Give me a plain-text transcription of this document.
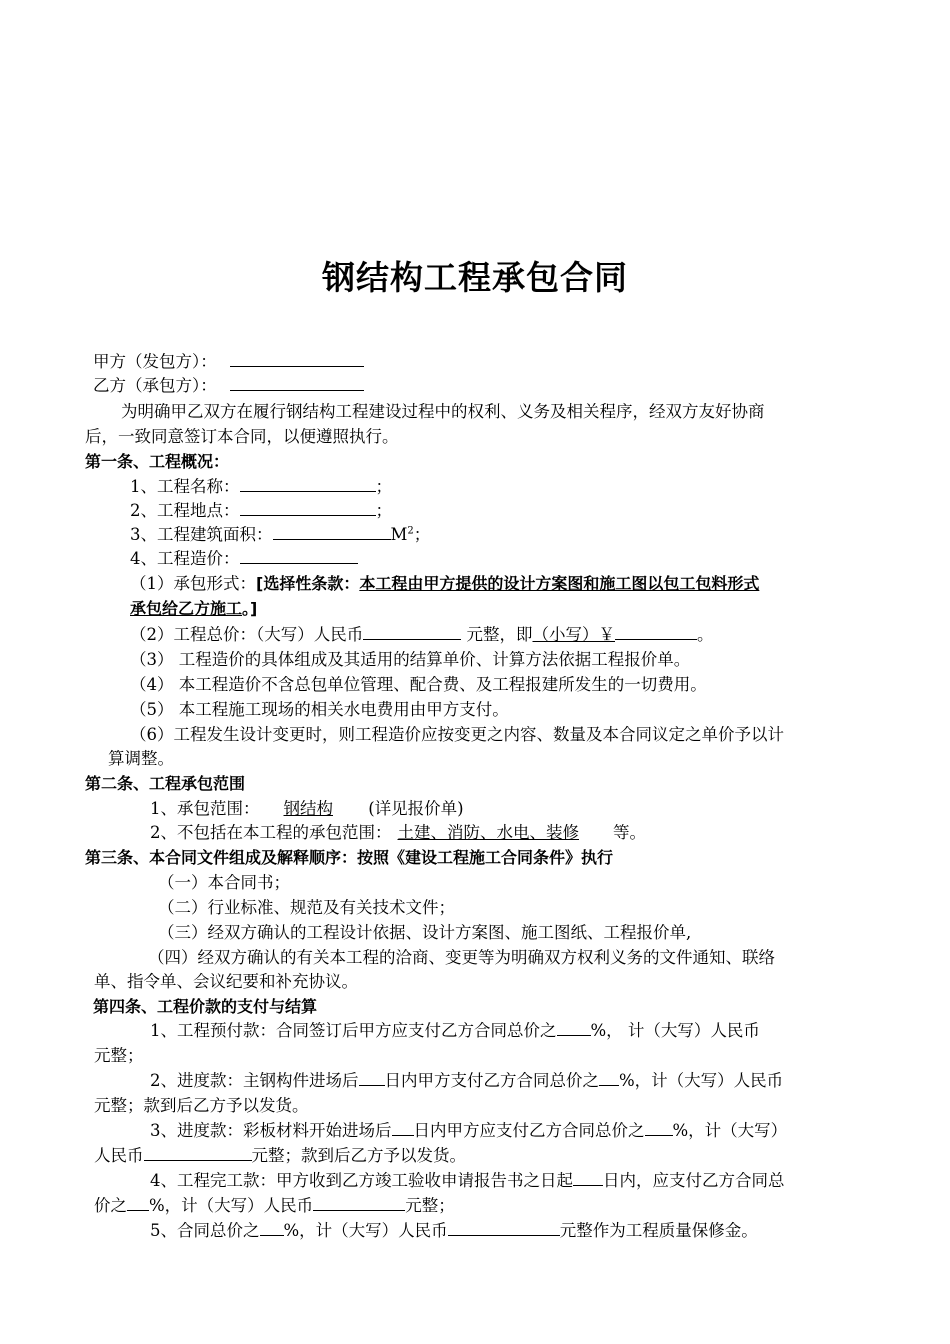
钢结构工程承包合同
甲方（发包方）：
乙方（承包方）：
为明确甲乙双方在履行钢结构工程建设过程中的权利、义务及相关程序，经双方友好协商
后，一致同意签订本合同，以便遵照执行。
第一条、工程概况：
1、工程名称：	；
2、工程地点：	；
3、工程建筑面积：	$M^2$；
4、工程造价：
（1）承包形式：[选择性条款：本工程由甲方提供的设计方案图和施工图以包工包料形式
承包给乙方施工。]
（2）工程总价：（大写）人民币	元整，即（小写）￥	。
（3） 工程造价的具体组成及其适用的结算单价、计算方法依据工程报价单。
（4） 本工程造价不含总包单位管理、配合费、及工程报建所发生的一切费用。
（5） 本工程施工现场的相关水电费用由甲方支付。
（6）工程发生设计变更时，则工程造价应按变更之内容、数量及本合同议定之单价予以计
算调整。
第二条、工程承包范围
1、承包范围： 钢结构 (详见报价单)
2、不包括在本工程的承包范围： 土建、消防、水电、装修 等。
第三条、本合同文件组成及解释顺序：按照《建设工程施工合同条件》执行
（一）本合同书；
（二）行业标准、规范及有关技术文件；
（三）经双方确认的工程设计依据、设计方案图、施工图纸、工程报价单,
（四）经双方确认的有关本工程的洽商、变更等为明确双方权利义务的文件通知、联络
单、指令单、会议纪要和补充协议。
第四条、工程价款的支付与结算
1、工程预付款：合同签订后甲方应支付乙方合同总价之 %， 计（大写）人民币
元整；
2、进度款：主钢构件进场后 日内甲方支付乙方合同总价之 %，计（大写）人民币
元整；款到后乙方予以发货。
3、进度款：彩板材料开始进场后 日内甲方应支付乙方合同总价之 %，计（大写）
人民币	元整；款到后乙方予以发货。
4、工程完工款：甲方收到乙方竣工验收申请报告书之日起 日内，应支付乙方合同总
价之 %，计（大写）人民币	元整；
5、合同总价之 %，计（大写）人民币	元整作为工程质量保修金。
